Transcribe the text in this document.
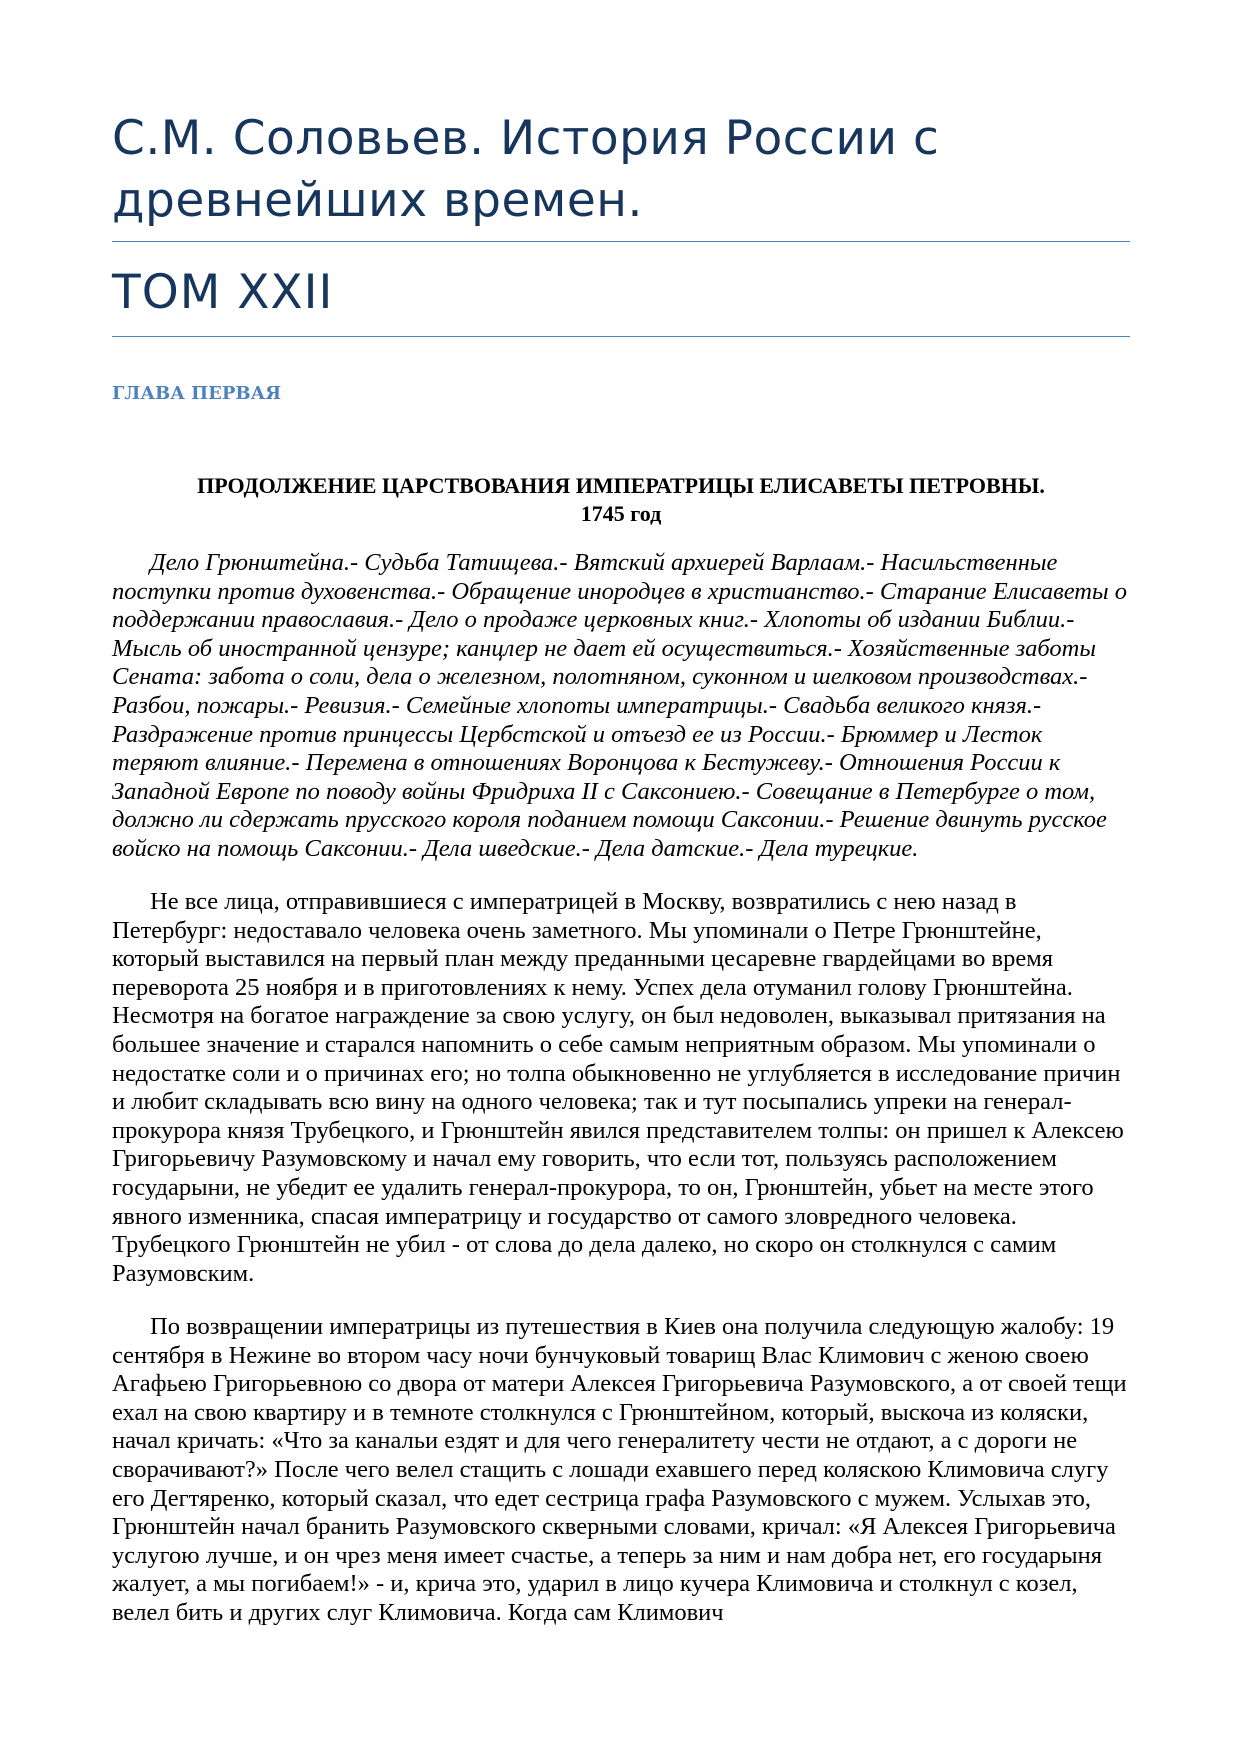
С.М. Соловьев. История России с древнейших времен.
ТОМ XXII
ГЛАВА ПЕРВАЯ
ПРОДОЛЖЕНИЕ ЦАРСТВОВАНИЯ ИМПЕРАТРИЦЫ ЕЛИСАВЕТЫ ПЕТРОВНЫ.
1745 год

Дело Грюнштейна.- Судьба Татищева.- Вятский архиерей Варлаам.- Насильственные поступки против духовенства.- Обращение инородцев в христианство.- Старание Елисаветы о поддержании православия.- Дело о продаже церковных книг.- Хлопоты об издании Библии.- Мысль об иностранной цензуре; канцлер не дает ей осуществиться.- Хозяйственные заботы Сената: забота о соли, дела о железном, полотняном, суконном и шелковом производствах.- Разбои, пожары.- Ревизия.- Семейные хлопоты императрицы.- Свадьба великого князя.- Раздражение против принцессы Цербстской и отъезд ее из России.- Брюммер и Лесток теряют влияние.- Перемена в отношениях Воронцова к Бестужеву.- Отношения России к Западной Европе по поводу войны Фридриха II с Саксониею.- Совещание в Петербурге о том, должно ли сдержать прусского короля поданием помощи Саксонии.- Решение двинуть русское войско на помощь Саксонии.- Дела шведские.- Дела датские.- Дела турецкие.

Не все лица, отправившиеся с императрицей в Москву, возвратились с нею назад в Петербург: недоставало человека очень заметного. Мы упоминали о Петре Грюнштейне, который выставился на первый план между преданными цесаревне гвардейцами во время переворота 25 ноября и в приготовлениях к нему. Успех дела отуманил голову Грюнштейна. Несмотря на богатое награждение за свою услугу, он был недоволен, выказывал притязания на большее значение и старался напомнить о себе самым неприятным образом. Мы упоминали о недостатке соли и о причинах его; но толпа обыкновенно не углубляется в исследование причин и любит складывать всю вину на одного человека; так и тут посыпались упреки на генерал-прокурора князя Трубецкого, и Грюнштейн явился представителем толпы: он пришел к Алексею Григорьевичу Разумовскому и начал ему говорить, что если тот, пользуясь расположением государыни, не убедит ее удалить генерал-прокурора, то он, Грюнштейн, убьет на месте этого явного изменника, спасая императрицу и государство от самого зловредного человека. Трубецкого Грюнштейн не убил - от слова до дела далеко, но скоро он столкнулся с самим Разумовским.

По возвращении императрицы из путешествия в Киев она получила следующую жалобу: 19 сентября в Нежине во втором часу ночи бунчуковый товарищ Влас Климович с женою своею Агафьею Григорьевною со двора от матери Алексея Григорьевича Разумовского, а от своей тещи ехал на свою квартиру и в темноте столкнулся с Грюнштейном, который, выскоча из коляски, начал кричать: «Что за канальи ездят и для чего генералитету чести не отдают, а с дороги не сворачивают?» После чего велел стащить с лошади ехавшего перед коляскою Климовича слугу его Дегтяренко, который сказал, что едет сестрица графа Разумовского с мужем. Услыхав это, Грюнштейн начал бранить Разумовского скверными словами, кричал: «Я Алексея Григорьевича услугою лучше, и он чрез меня имеет счастье, а теперь за ним и нам добра нет, его государыня жалует, а мы погибаем!» - и, крича это, ударил в лицо кучера Климовича и столкнул с козел, велел бить и других слуг Климовича. Когда сам Климович
